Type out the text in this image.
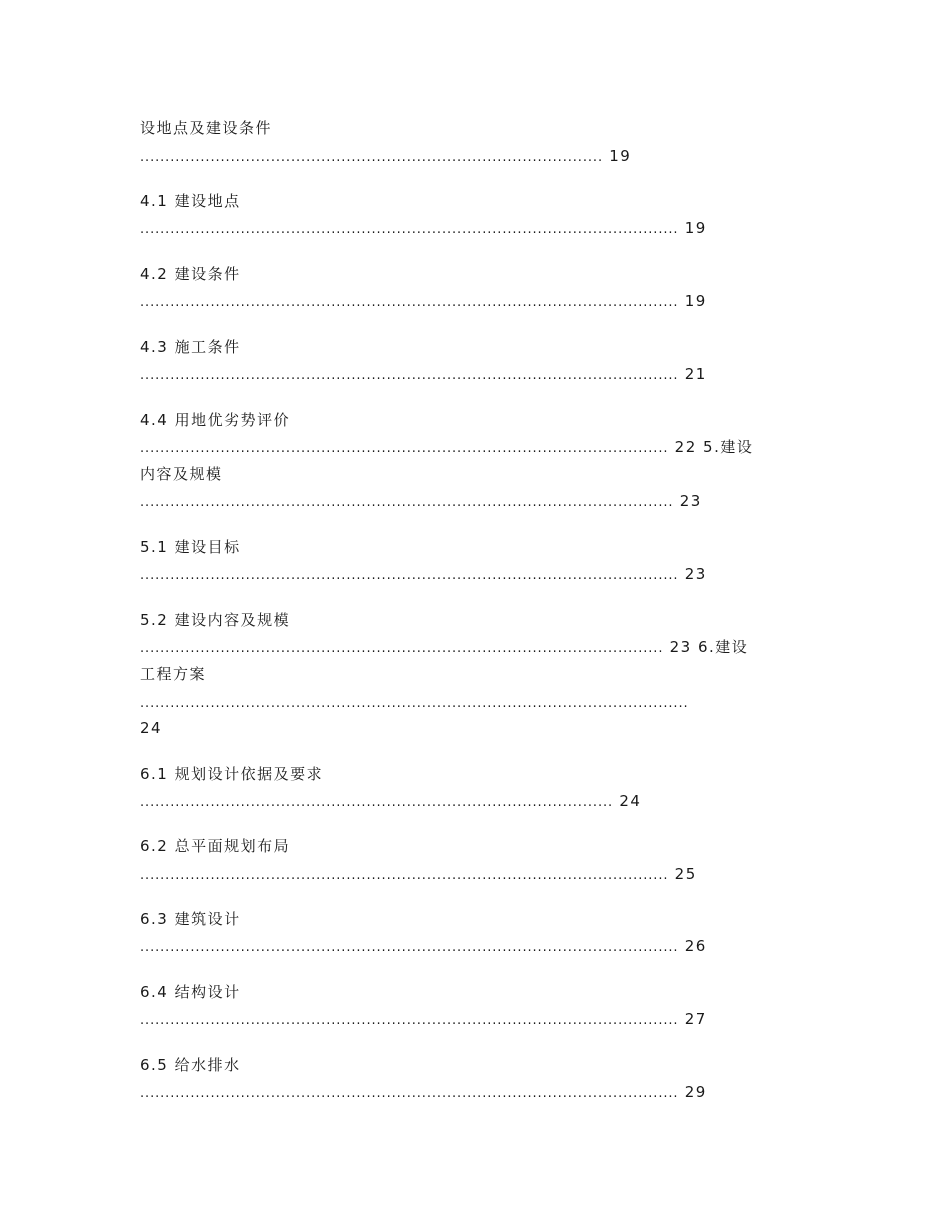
设地点及建设条件
............................................................................................ 19
4.1 建设地点
........................................................................................................... 19
4.2 建设条件
........................................................................................................... 19
4.3 施工条件
........................................................................................................... 21
4.4 用地优劣势评价
......................................................................................................... 22 5.建设
内容及规模
.......................................................................................................... 23
5.1 建设目标
........................................................................................................... 23
5.2 建设内容及规模
........................................................................................................ 23 6.建设
工程方案
.............................................................................................................
24
6.1 规划设计依据及要求
.............................................................................................. 24
6.2 总平面规划布局
......................................................................................................... 25
6.3 建筑设计
........................................................................................................... 26
6.4 结构设计
........................................................................................................... 27
6.5 给水排水
........................................................................................................... 29
